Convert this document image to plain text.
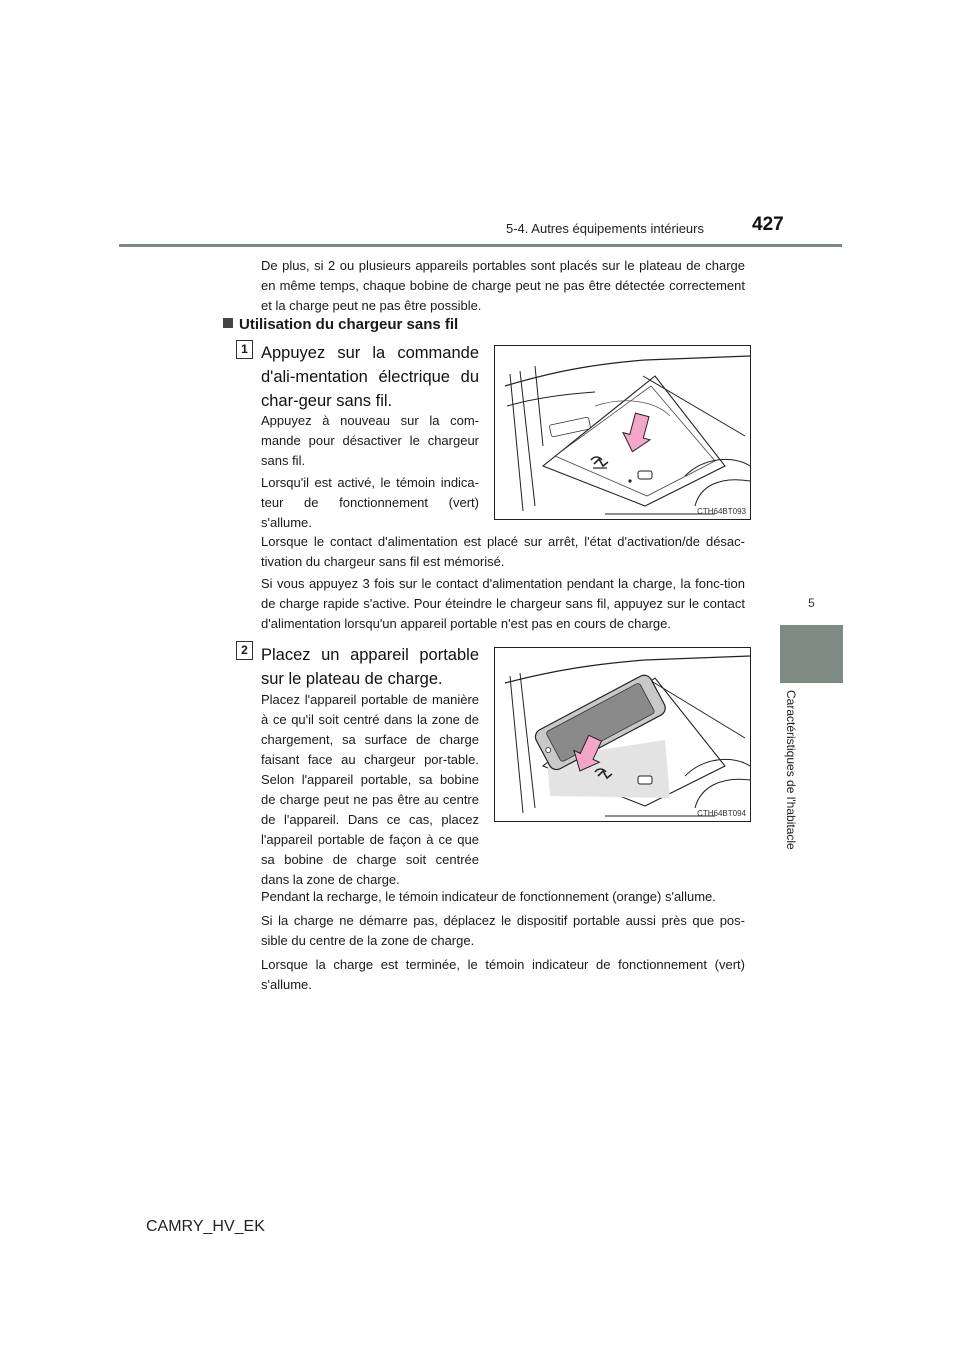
5-4. Autres équipements intérieurs	427
5
Caractéristiques de l'habitacle

De plus, si 2 ou plusieurs appareils portables sont placés sur le plateau de charge en même temps, chaque bobine de charge peut ne pas être détectée correctement et la charge peut ne pas être possible.

Utilisation du chargeur sans fil
1 Appuyez sur la commande d'ali-mentation électrique du char-geur sans fil.

Appuyez à nouveau sur la com-mande pour désactiver le chargeur sans fil.

Lorsqu'il est activé, le témoin indica-teur de fonctionnement (vert) s'allume.

CTH64BT093
Lorsque le contact d'alimentation est placé sur arrêt, l'état d'activation/de désac-tivation du chargeur sans fil est mémorisé.
Si vous appuyez 3 fois sur le contact d'alimentation pendant la charge, la fonc-tion de charge rapide s'active. Pour éteindre le chargeur sans fil, appuyez sur le contact d'alimentation lorsqu'un appareil portable n'est pas en cours de charge.
2 Placez un appareil portable sur le plateau de charge.

Placez l'appareil portable de manière à ce qu'il soit centré dans la zone de chargement, sa surface de charge faisant face au chargeur por-table. Selon l'appareil portable, sa bobine de charge peut ne pas être au centre de l'appareil. Dans ce cas, placez l'appareil portable de façon à ce que sa bobine de charge soit centrée dans la zone de charge.

CTH64BT094
Pendant la recharge, le témoin indicateur de fonctionnement (orange) s'allume.
Si la charge ne démarre pas, déplacez le dispositif portable aussi près que pos-sible du centre de la zone de charge.
Lorsque la charge est terminée, le témoin indicateur de fonctionnement (vert) s'allume.
CAMRY_HV_EK
